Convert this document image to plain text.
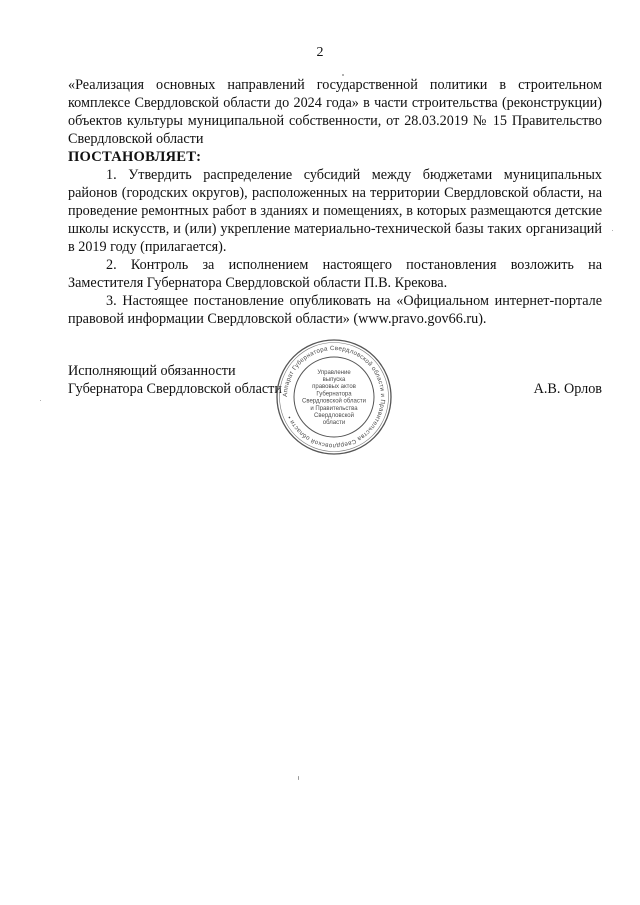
2

«Реализация основных направлений государственной политики в строительном комплексе Свердловской области до 2024 года» в части строительства (реконструкции) объектов культуры муниципальной собственности, от 28.03.2019 № 15 Правительство Свердловской области

ПОСТАНОВЛЯЕТ:

1. Утвердить распределение субсидий между бюджетами муниципальных районов (городских округов), расположенных на территории Свердловской области, на проведение ремонтных работ в зданиях и помещениях, в которых размещаются детские школы искусств, и (или) укрепление материально-технической базы таких организаций в 2019 году (прилагается).

2. Контроль за исполнением настоящего постановления возложить на Заместителя Губернатора Свердловской области П.В. Крекова.

3. Настоящее постановление опубликовать на «Официальном интернет-портале правовой информации Свердловской области» (www.pravo.gov66.ru).

Исполняющий обязанности
Губернатора Свердловской области	А.В. Орлов
Аппарат Губернатора Свердловской области и Правительства Свердловской области •
Управление
выпуска
правовых актов
Губернатора
Свердловской области
и Правительства
Свердловской
области
